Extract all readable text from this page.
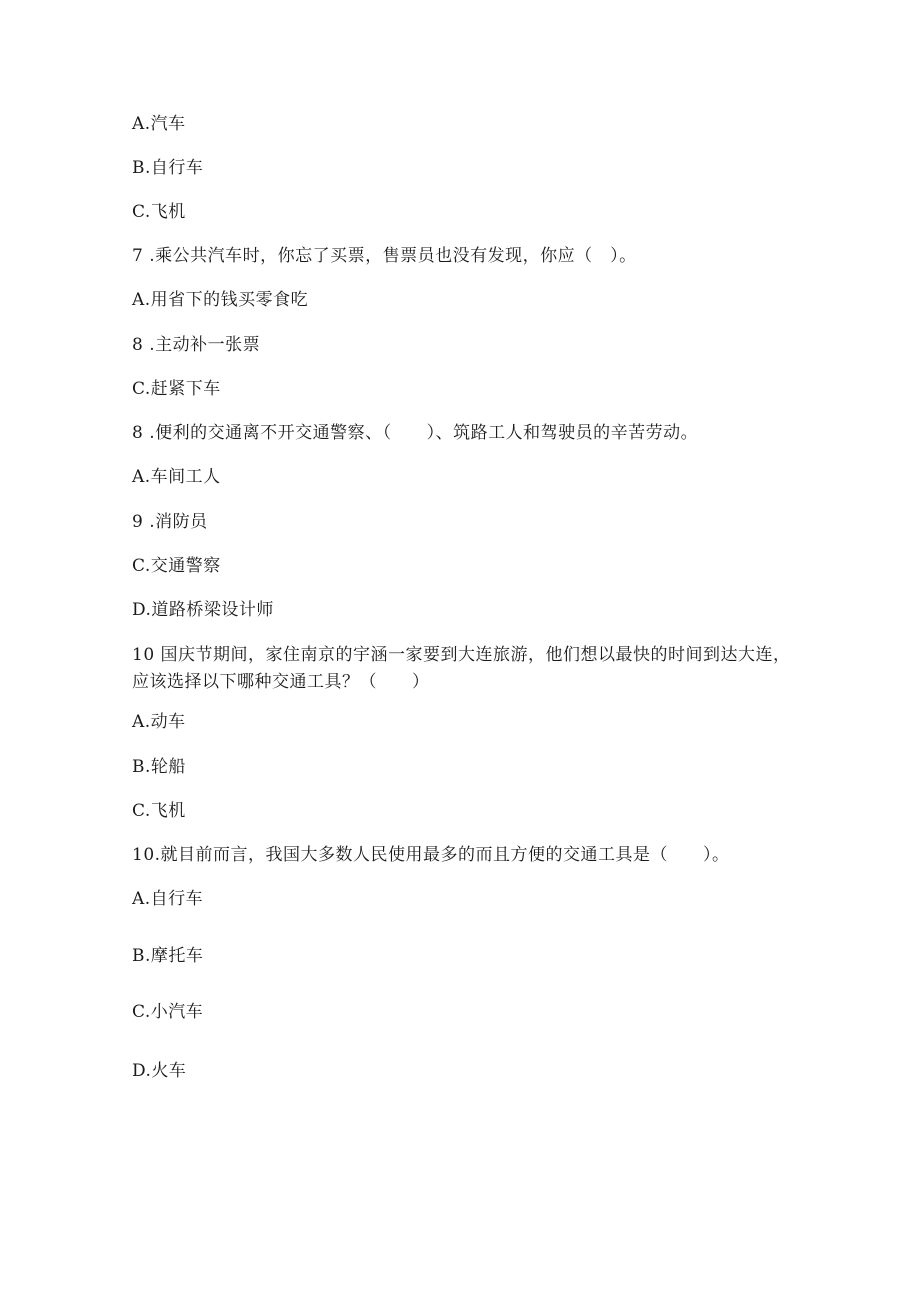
A.汽车
B.自行车
C.飞机
7 .乘公共汽车时，你忘了买票，售票员也没有发现，你应（　）。
A.用省下的钱买零食吃
8 .主动补一张票
C.赶紧下车
8 .便利的交通离不开交通警察、（　　）、筑路工人和驾驶员的辛苦劳动。
A.车间工人
9 .消防员
C.交通警察
D.道路桥梁设计师
10 国庆节期间，家住南京的宇涵一家要到大连旅游，他们想以最快的时间到达大连，应该选择以下哪种交通工具？（　　）
A.动车
B.轮船
C.飞机
10.就目前而言，我国大多数人民使用最多的而且方便的交通工具是（　　）。
A.自行车
B.摩托车
C.小汽车
D.火车
